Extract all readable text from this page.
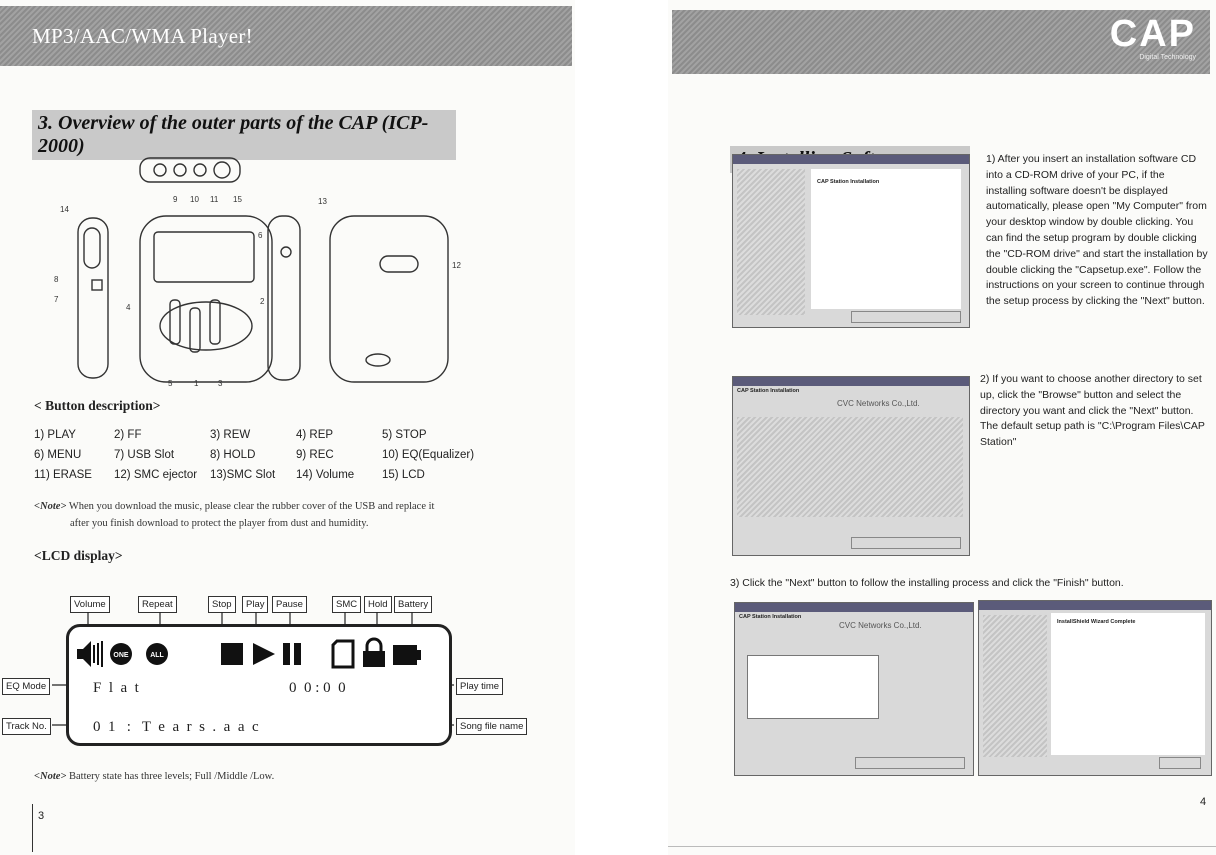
MP3/AAC/WMA Player!
3. Overview of the outer parts of the CAP (ICP-2000)
9 10 11 15
14
8
7
6
13
12
4
2
5	1 3
< Button description>
1) PLAY	2) FF	3) REW	4) REP	5) STOP
6) MENU	7) USB Slot	8) HOLD	9) REC	10) EQ(Equalizer)
11) ERASE	12) SMC ejector	13)SMC Slot	14) Volume	15) LCD
<Note> When you download the music, please clear the rubber cover of the USB and replace it
after you finish download to protect the player from dust and humidity.
<LCD display>
Volume	Repeat	Stop	Play	Pause	SMC	Hold	Battery
ONE	ALL
F  l  a  t	0  0 : 0  0
0  1   :   T  e  a  r  s  .  a  a  c
EQ Mode
Track No.
Play time
Song file name
<Note> Battery state has three levels; Full /Middle /Low.
3
CAP
Digital Technology
CAP Station Installation
1) After you insert an installation software CD into a CD-ROM drive of your PC, if the installing software doesn't be displayed automatically, please open "My Computer" from your desktop window by double clicking. You can find the setup program by double clicking the "CD-ROM drive" and start the installation by double clicking the "Capsetup.exe". Follow the instructions on your screen to continue through the setup process by clicking the "Next" button.
CAP Station Installation
CVC Networks Co.,Ltd.
2) If you want to choose another directory to set up, click the "Browse" button and select the directory you want and click the "Next" button. The default setup path is "C:\Program Files\CAP Station"
3) Click the "Next" button to follow the installing process and click the "Finish" button.
CAP Station Installation
CVC Networks Co.,Ltd.	InstallShield Wizard Complete
4
